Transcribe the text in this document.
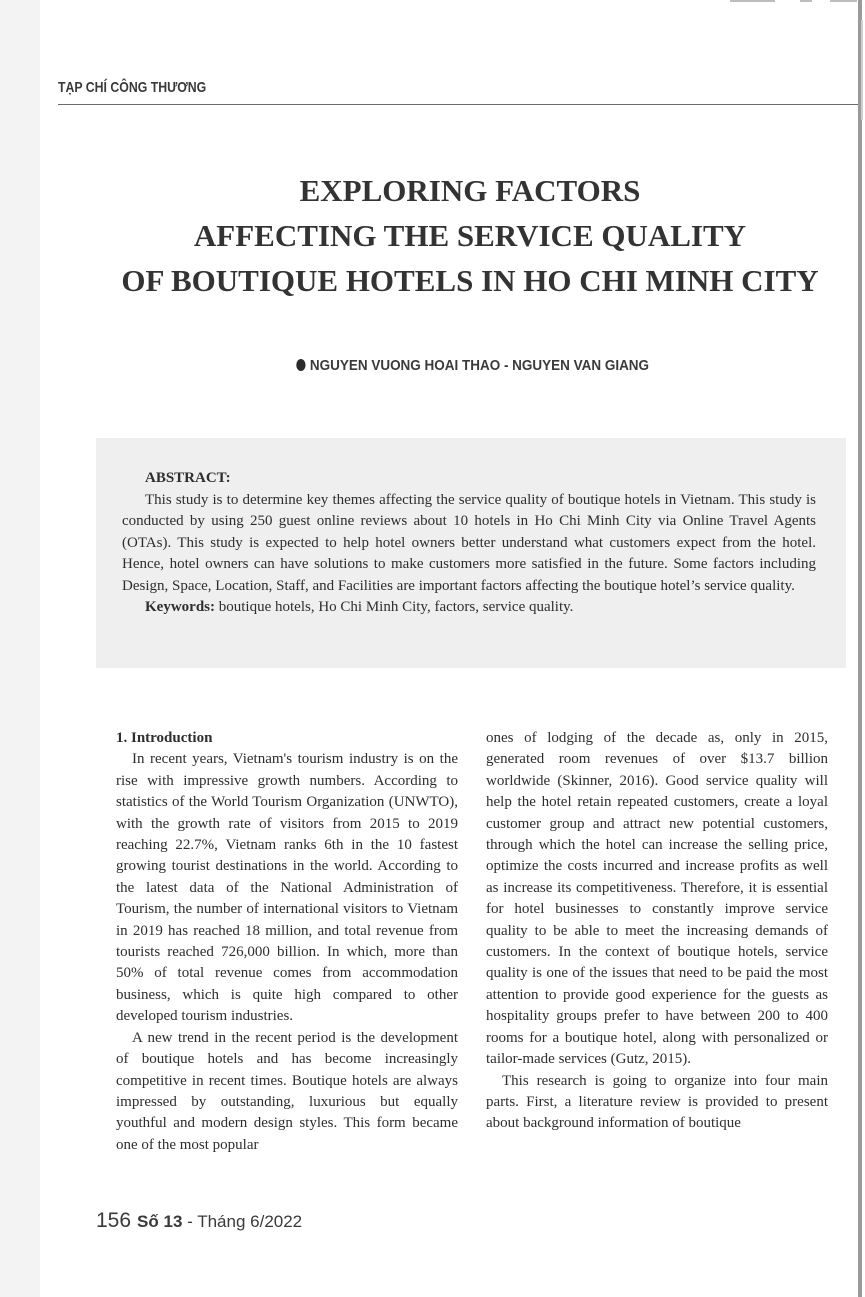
TẠP CHÍ CÔNG THƯƠNG
EXPLORING FACTORS
AFFECTING THE SERVICE QUALITY
OF BOUTIQUE HOTELS IN HO CHI MINH CITY
NGUYEN VUONG HOAI THAO - NGUYEN VAN GIANG
ABSTRACT:

This study is to determine key themes affecting the service quality of boutique hotels in Vietnam. This study is conducted by using 250 guest online reviews about 10 hotels in Ho Chi Minh City via Online Travel Agents (OTAs). This study is expected to help hotel owners better understand what customers expect from the hotel. Hence, hotel owners can have solutions to make customers more satisfied in the future. Some factors including Design, Space, Location, Staff, and Facilities are important factors affecting the boutique hotel’s service quality.

Keywords: boutique hotels, Ho Chi Minh City, factors, service quality.

1. Introduction

In recent years, Vietnam's tourism industry is on the rise with impressive growth numbers. According to statistics of the World Tourism Organization (UNWTO), with the growth rate of visitors from 2015 to 2019 reaching 22.7%, Vietnam ranks 6th in the 10 fastest growing tourist destinations in the world. According to the latest data of the National Administration of Tourism, the number of international visitors to Vietnam in 2019 has reached 18 million, and total revenue from tourists reached 726,000 billion. In which, more than 50% of total revenue comes from accommodation business, which is quite high compared to other developed tourism industries.

A new trend in the recent period is the development of boutique hotels and has become increasingly competitive in recent times. Boutique hotels are always impressed by outstanding, luxurious but equally youthful and modern design styles. This form became one of the most popular

ones of lodging of the decade as, only in 2015, generated room revenues of over $13.7 billion worldwide (Skinner, 2016). Good service quality will help the hotel retain repeated customers, create a loyal customer group and attract new potential customers, through which the hotel can increase the selling price, optimize the costs incurred and increase profits as well as increase its competitiveness. Therefore, it is essential for hotel businesses to constantly improve service quality to be able to meet the increasing demands of customers. In the context of boutique hotels, service quality is one of the issues that need to be paid the most attention to provide good experience for the guests as hospitality groups prefer to have between 200 to 400 rooms for a boutique hotel, along with personalized or tailor-made services (Gutz, 2015).

This research is going to organize into four main parts. First, a literature review is provided to present about background information of boutique

156 Số 13 - Tháng 6/2022
